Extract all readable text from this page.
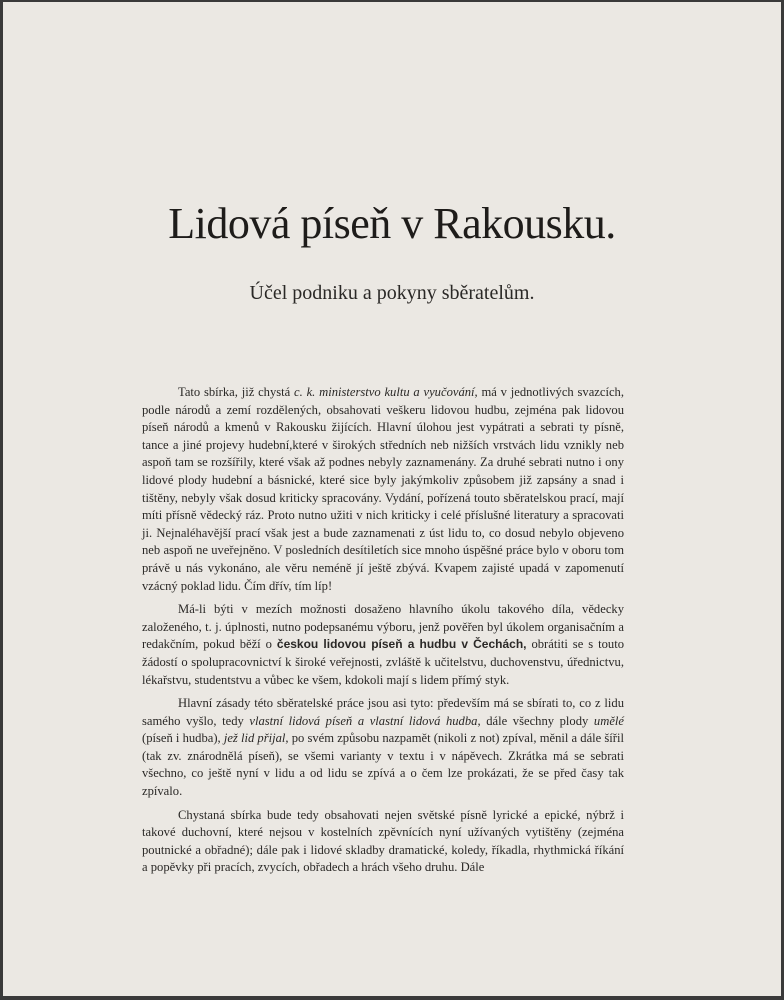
Lidová píseň v Rakousku.
Účel podniku a pokyny sběratelům.

Tato sbírka, již chystá c. k. ministerstvo kultu a vyučování, má v jednotlivých svazcích, podle národů a zemí rozdělených, obsahovati veškeru lidovou hudbu, zejména pak lidovou píseň národů a kmenů v Rakousku žijících. Hlavní úlohou jest vypátrati a sebrati ty písně, tance a jiné projevy hudební,které v širokých středních neb nižších vrstvách lidu vznikly neb aspoň tam se rozšířily, které však až podnes nebyly zaznamenány. Za druhé sebrati nutno i ony lidové plody hudební a básnické, které sice byly jakýmkoliv způsobem již zapsány a snad i tištěny, nebyly však dosud kriticky spracovány. Vydání, pořízená touto sběratelskou prací, mají míti přísně vědecký ráz. Proto nutno užiti v nich kriticky i celé příslušné literatury a spracovati ji. Nejnaléhavější prací však jest a bude zaznamenati z úst lidu to, co dosud nebylo objeveno neb aspoň ne uveřejněno. V posledních desítiletích sice mnoho úspěšné práce bylo v oboru tom právě u nás vykonáno, ale věru neméně jí ještě zbývá. Kvapem zajisté upadá v zapomenutí vzácný poklad lidu. Čím dřív, tím líp!

Má-li býti v mezích možnosti dosaženo hlavního úkolu takového díla, vědecky založeného, t. j. úplnosti, nutno podepsanému výboru, jenž pověřen byl úkolem organisačním a redakčním, pokud běží o českou lidovou píseň a hudbu v Čechách, obrátiti se s touto žádostí o spolupracovnictví k široké veřejnosti, zvláště k učitelstvu, duchovenstvu, úřednictvu, lékařstvu, studentstvu a vůbec ke všem, kdokoli mají s lidem přímý styk.

Hlavní zásady této sběratelské práce jsou asi tyto: především má se sbírati to, co z lidu samého vyšlo, tedy vlastní lidová píseň a vlastní lidová hudba, dále všechny plody umělé (píseň i hudba), jež lid přijal, po svém způsobu nazpamět (nikoli z not) zpíval, měnil a dále šířil (tak zv. znárodnělá píseň), se všemi varianty v textu i v nápěvech. Zkrátka má se sebrati všechno, co ještě nyní v lidu a od lidu se zpívá a o čem lze prokázati, že se před časy tak zpívalo.

Chystaná sbírka bude tedy obsahovati nejen světské písně lyrické a epické, nýbrž i takové duchovní, které nejsou v kostelních zpěvnících nyní užívaných vytištěny (zejména poutnické a obřadné); dále pak i lidové skladby dramatické, koledy, říkadla, rhythmická říkání a popěvky při pracích, zvycích, obřadech a hrách všeho druhu. Dále
